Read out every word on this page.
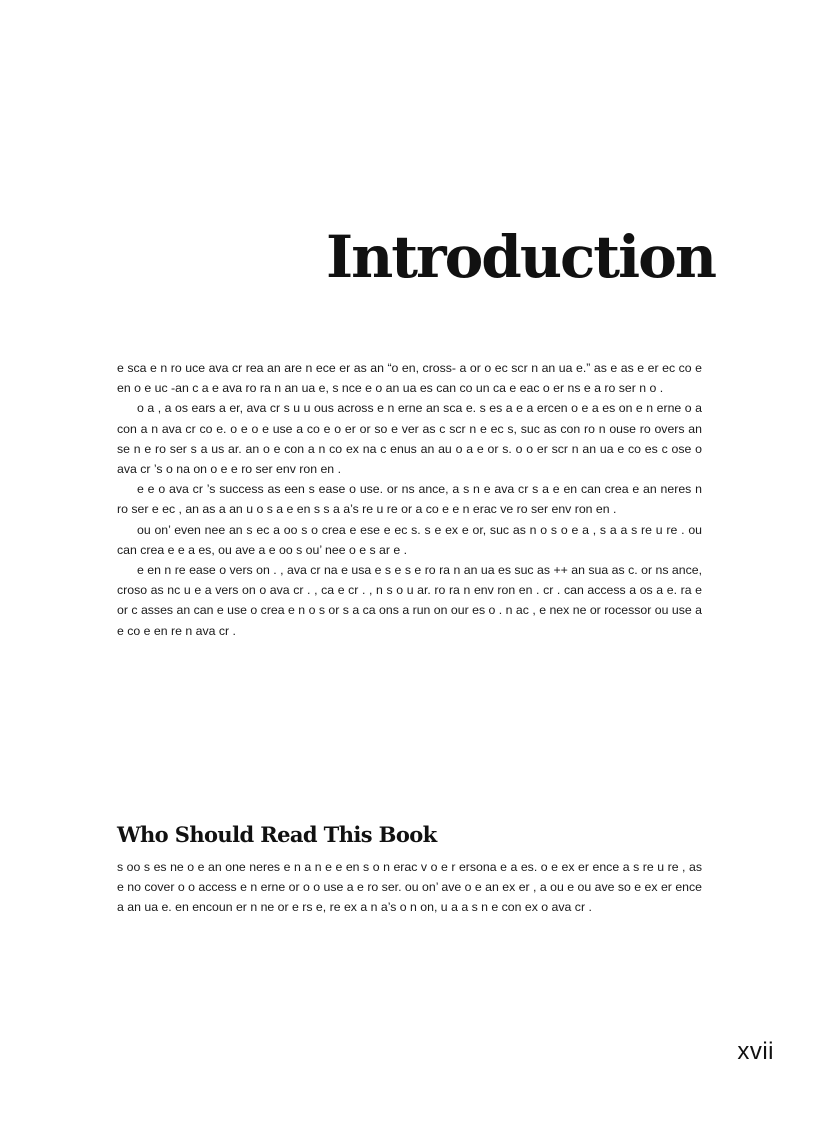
Introduction

e sca e n ro uce ava cr rea an are n ece er as an “o en, cross- a or o ec scr n an ua e.” as e as e er ec co e en o e uc -an c a e ava ro ra n an ua e, s nce e o an ua es can co un ca e eac o er ns e a ro ser n o .

o a , a os ears a er, ava cr s u u ous across e n erne an sca e. s es a e a ercen o e a es on e n erne o a con a n ava cr co e. o e o e use a co e o er or so e ver as c scr n e ec s, suc as con ro n ouse ro overs an se n e ro ser s a us ar. an o e con a n co ex na c enus an au o a e or s. o o er scr n an ua e co es c ose o ava cr ’s o na on o e e ro ser env ron en .

e e o ava cr ’s success as een s ease o use. or ns ance, a s n e ava cr s a e en can crea e an neres n ro ser e ec , an as a an u o s a e en s s a a’s re u re or a co e e n erac ve ro ser env ron en .

ou on’ even nee an s ec a oo s o crea e ese e ec s. s e ex e or, suc as n o s o e a , s a a s re u re . ou can crea e e a es, ou ave a e oo s ou’ nee o e s ar e .

e en n re ease o vers on . , ava cr na e usa e s e s e ro ra n an ua es suc as ++ an sua as c. or ns ance, croso as nc u e a vers on o ava cr . , ca e cr . , n s o u ar. ro ra n env ron en . cr . can access a os a e. ra e or c asses an can e use o crea e n o s or s a ca ons a run on our es o . n ac , e nex ne or rocessor ou use a e co e en re n ava cr .

Who Should Read This Book

s oo s es ne o e an one neres e n a n e e en s o n erac v o e r ersona e a es. o e ex er ence a s re u re , as e no cover o o access e n erne or o o use a e ro ser. ou on’ ave o e an ex er , a ou e ou ave so e ex er ence a an ua e. en encoun er n ne or e rs e, re ex a n a’s o n on, u a a s n e con ex o ava cr .

xvii
